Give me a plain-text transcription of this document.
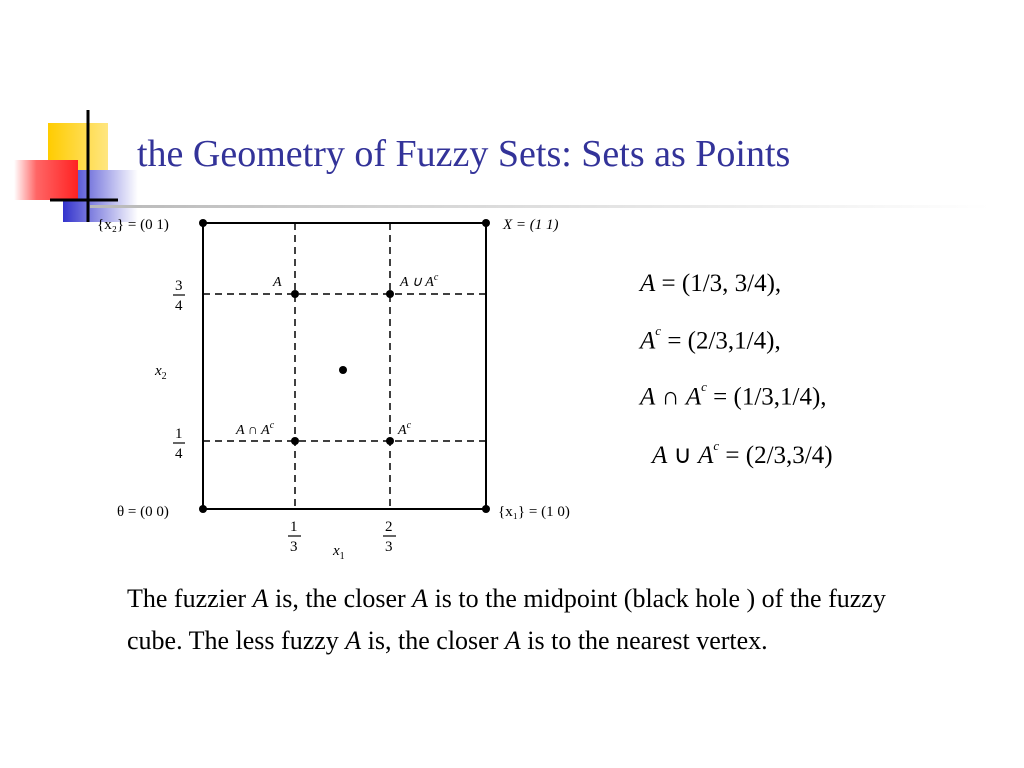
the Geometry of Fuzzy Sets: Sets as Points
{x₂} = (0 1)	X = (1 1)
θ = (0 0)	{x₁} = (1 0)
A	A ∪ $A^c$
A ∩ $A^c$	$A^c$
$x_2$
$x_1$
3
4
1
4
1
3
2
3
A = (1/3, 3/4),
$A^c = (2/3,1/4)$,
A ∩ $A^c = (1/3,1/4)$,
A ∪ $A^c = (2/3,3/4)$
The fuzzier A is, the closer A is to the midpoint (black hole ) of the fuzzy cube. The less fuzzy A is, the closer A is to the nearest vertex.
